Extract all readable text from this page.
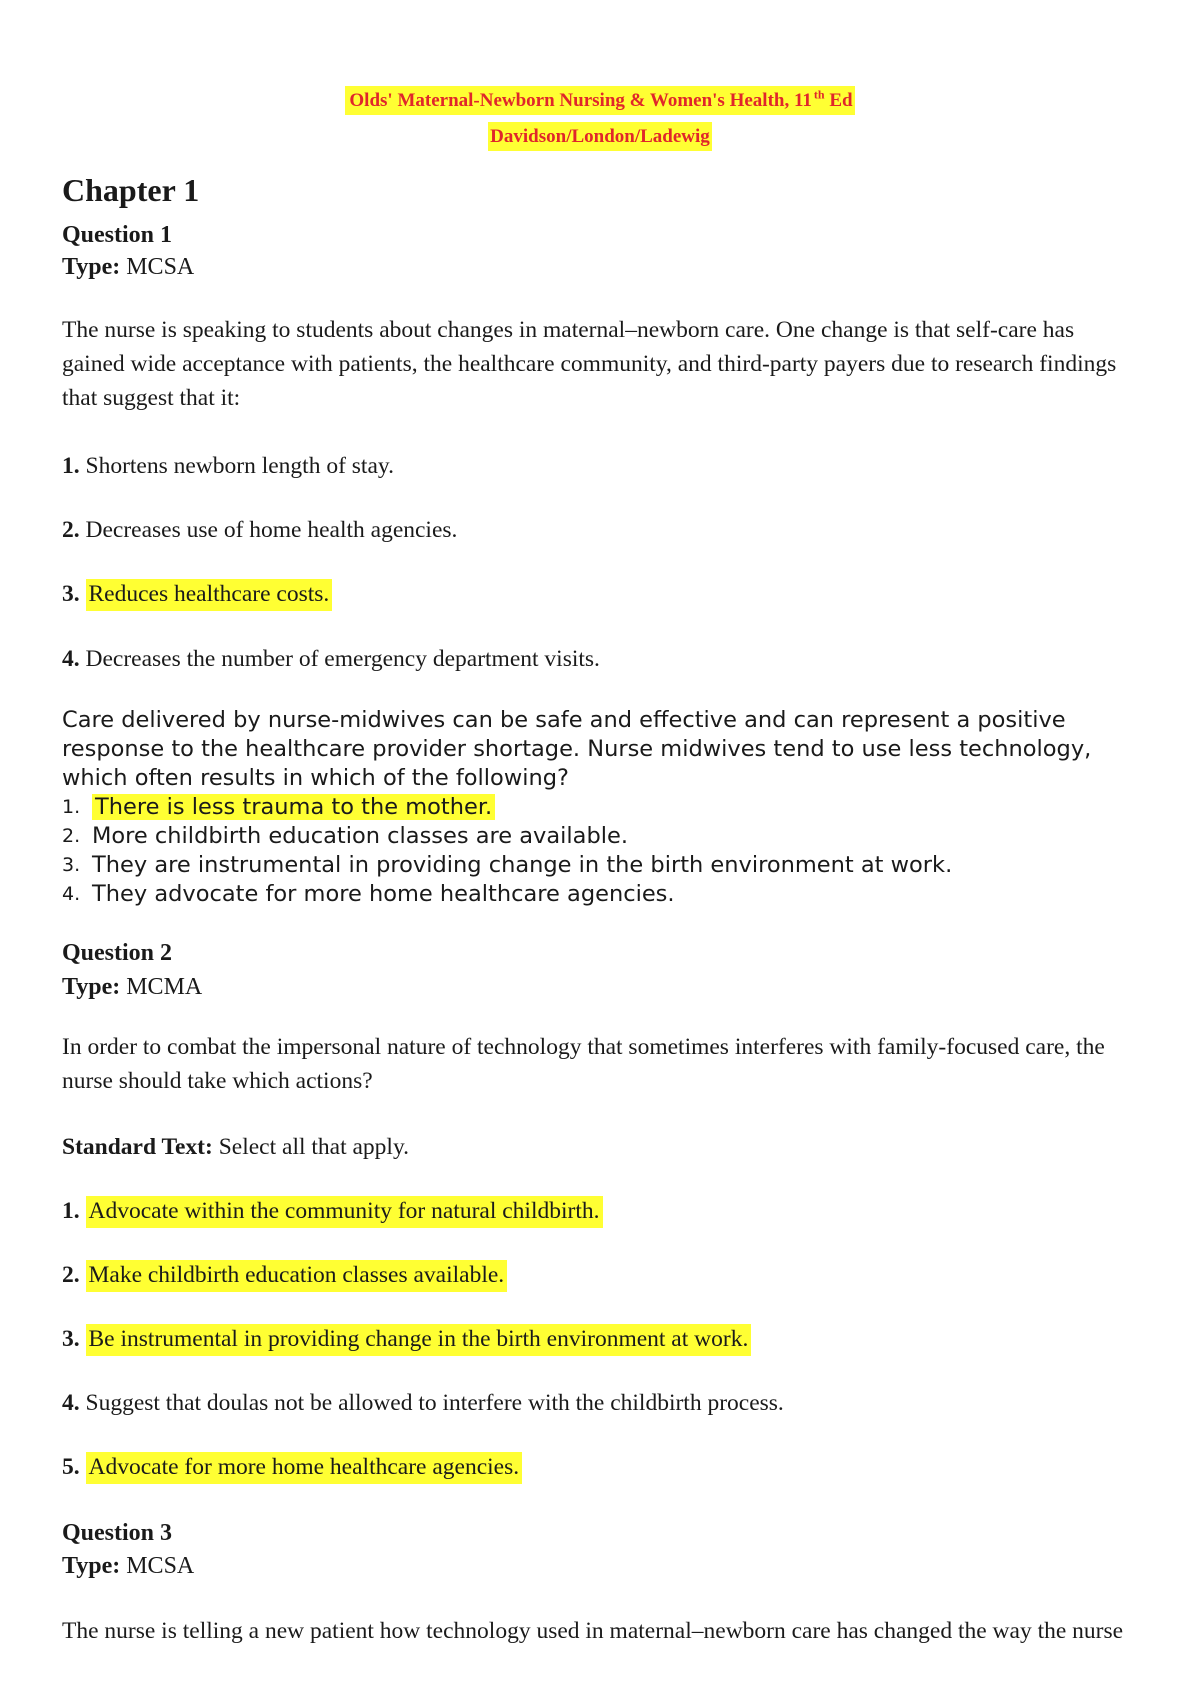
Olds' Maternal-Newborn Nursing & Women's Health, 11 $^{th}$ Ed
Davidson/London/Ladewig
Chapter 1
Question 1
Type: MCSA
The nurse is speaking to students about changes in maternal–newborn care. One change is that self-care has gained wide acceptance with patients, the healthcare community, and third-party payers due to research findings that suggest that it:
1. Shortens newborn length of stay.
2. Decreases use of home health agencies.
3. Reduces healthcare costs.
4. Decreases the number of emergency department visits.

Care delivered by nurse-midwives can be safe and effective and can represent a positive response to the healthcare provider shortage. Nurse midwives tend to use less technology, which often results in which of the following?

1. There is less trauma to the mother.
2. More childbirth education classes are available.
3. They are instrumental in providing change in the birth environment at work.
4. They advocate for more home healthcare agencies.
Question 2
Type: MCMA
In order to combat the impersonal nature of technology that sometimes interferes with family-focused care, the nurse should take which actions?
Standard Text: Select all that apply.
1. Advocate within the community for natural childbirth.
2. Make childbirth education classes available.
3. Be instrumental in providing change in the birth environment at work.
4. Suggest that doulas not be allowed to interfere with the childbirth process.
5. Advocate for more home healthcare agencies.
Question 3
Type: MCSA
The nurse is telling a new patient how technology used in maternal–newborn care has changed the way the nurse
